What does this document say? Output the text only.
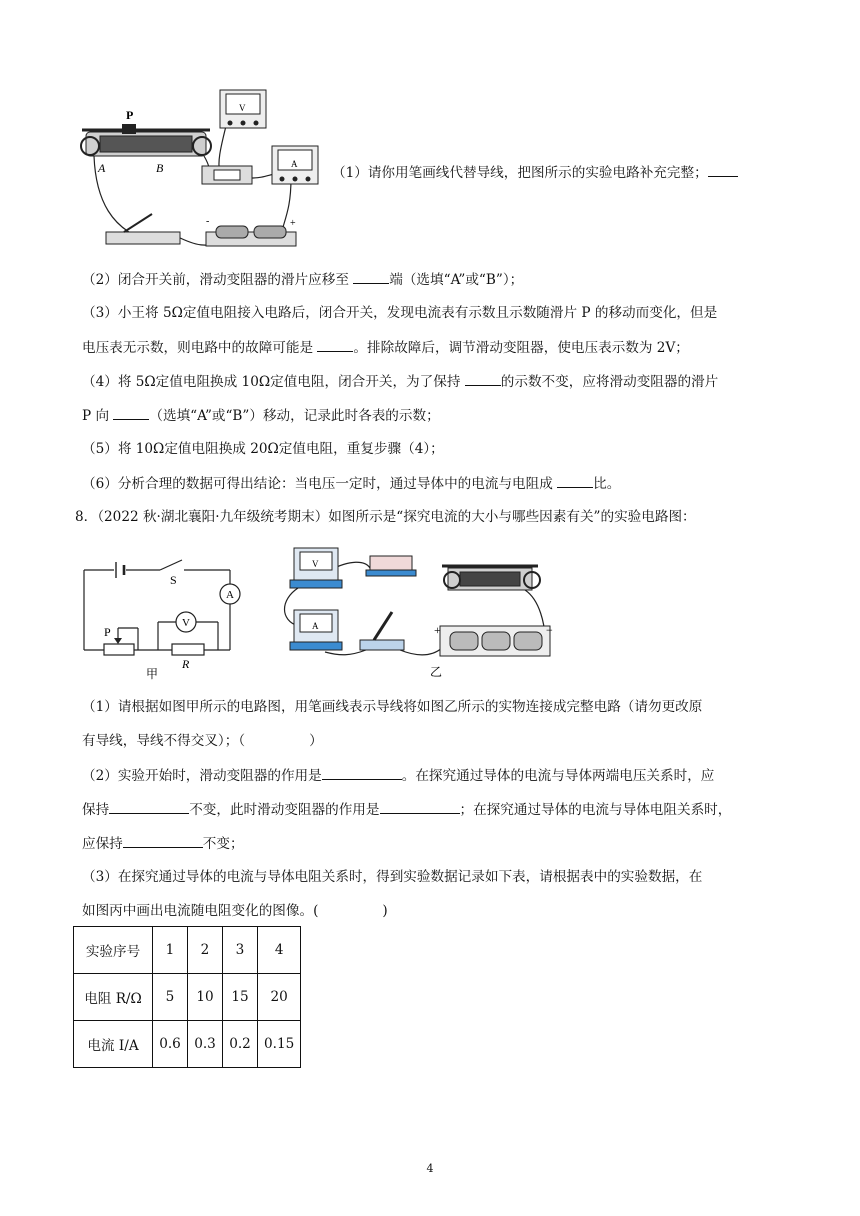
P
A	B
V
A
-	+
（1）请你用笔画线代替导线，把图所示的实验电路补充完整；
（2）闭合开关前，滑动变阻器的滑片应移至	端（选填“A”或“B”）；
（3）小王将 5Ω定值电阻接入电路后，闭合开关，发现电流表有示数且示数随滑片 P 的移动而变化，但是
电压表无示数，则电路中的故障可能是	。排除故障后，调节滑动变阻器，使电压表示数为 2V；
（4）将 5Ω定值电阻换成 10Ω定值电阻，闭合开关，为了保持	的示数不变，应将滑动变阻器的滑片
P 向	（选填“A”或“B”）移动，记录此时各表的示数；
（5）将 10Ω定值电阻换成 20Ω定值电阻，重复步骤（4）；
（6）分析合理的数据可得出结论：当电压一定时，通过导体中的电流与电阻成	比。
8．（2022 秋·湖北襄阳·九年级统考期末）如图所示是“探究电流的大小与哪些因素有关”的实验电路图：
V
A
S
P
R
甲
V
A	+	−
乙
（1）请根据如图甲所示的电路图，用笔画线表示导线将如图乙所示的实物连接成完整电路（请勿更改原
有导线，导线不得交叉）；（	）
（2）实验开始时，滑动变阻器的作用是	。在探究通过导体的电流与导体两端电压关系时，应
保持	不变，此时滑动变阻器的作用是	；在探究通过导体的电流与导体电阻关系时，
应保持	不变；
（3）在探究通过导体的电流与导体电阻关系时，得到实验数据记录如下表，请根据表中的实验数据，在
如图丙中画出电流随电阻变化的图像。(	)
实验序号	1	2	3	4
电阻 R/Ω	5	10	15	20
电流 I/A	0.6	0.3	0.2	0.15
4
